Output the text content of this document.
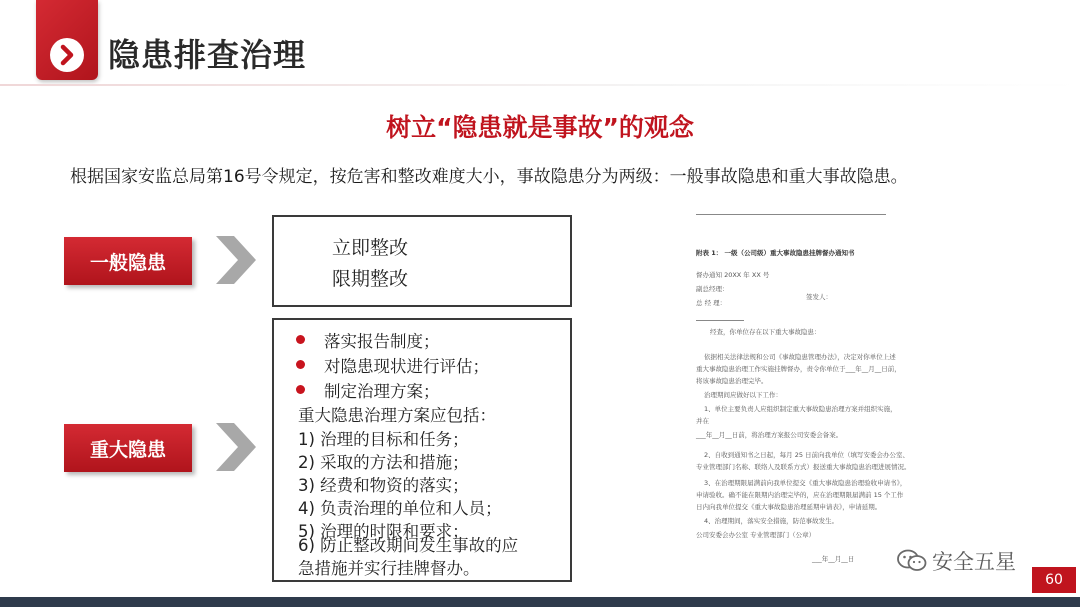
隐患排查治理
树立“隐患就是事故”的观念
根据国家安监总局第16号令规定，按危害和整改难度大小，事故隐患分为两级：一般事故隐患和重大事故隐患。
一般隐患
立即整改
限期整改
重大隐患
落实报告制度；
对隐患现状进行评估；
制定治理方案；
重大隐患治理方案应包括：
1) 治理的目标和任务；
2) 采取的方法和措施；
3) 经费和物资的落实；
4) 负责治理的单位和人员；
5) 治理的时限和要求；
6) 防止整改期间发生事故的应
急措施并实行挂牌督办。
附表 1： 一级（公司级）重大事故隐患挂牌督办通知书
督办通知 20XX 年 XX 号
副总经理：
签发人：
总 经 理：
经查，你单位存在以下重大事故隐患：
依据相关法律法规和公司《事故隐患管理办法》，决定对你单位上述
重大事故隐患治理工作实施挂牌督办，责令你单位于___年__月__日前，
将该事故隐患治理完毕。
治理期间应做好以下工作：
1、单位主要负责人应组织制定重大事故隐患治理方案并组织实施，
并在
___年__月__日前，将治理方案报公司安委会备案。
2、自收到通知书之日起，每月 25 日前向我单位（填写安委会办公室、
专业管理部门名称、联络人及联系方式）报送重大事故隐患治理进展情况。
3、在治理期限届满前向我单位提交《重大事故隐患治理验收申请书》，
申请验收。确不能在限期内治理完毕的，应在治理期限届满前 15 个工作
日内向我单位提交《重大事故隐患治理延期申请表》，申请延期。
4、治理期间，落实安全措施，防范事故发生。
公司安委会办公室 专业管理部门（公章）
___年__月__日	安全五星
60
